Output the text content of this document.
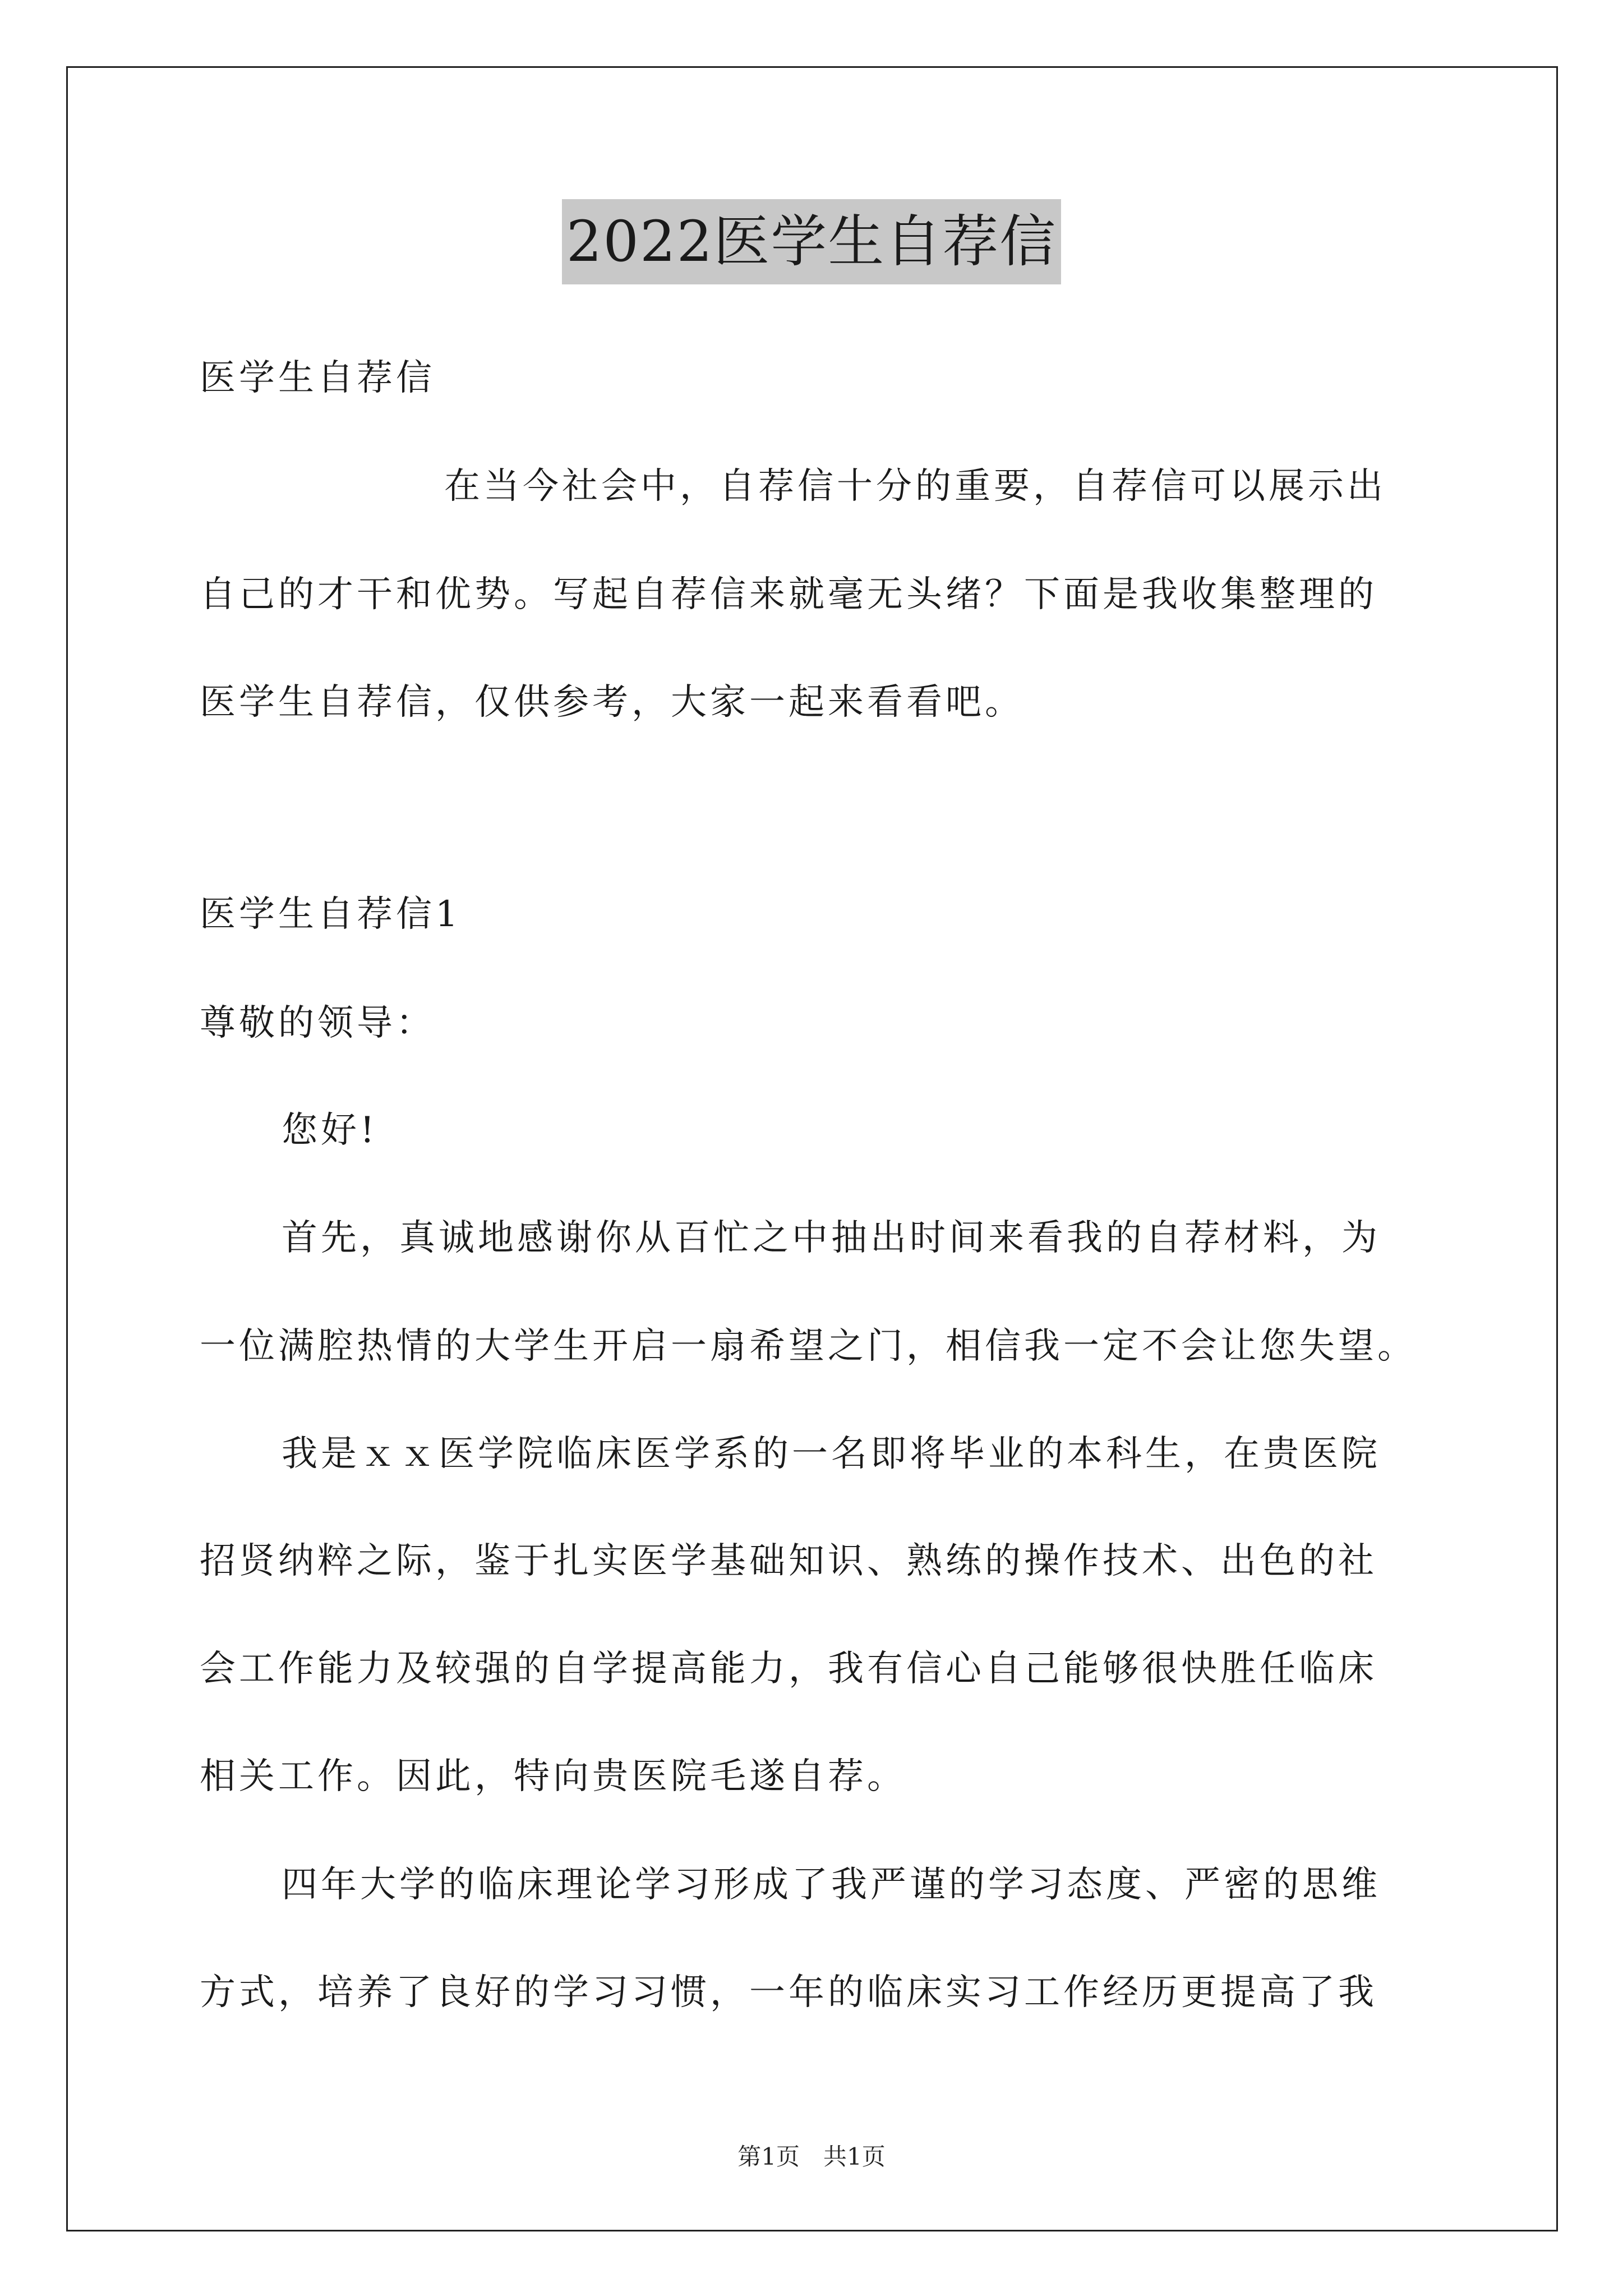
2022医学生自荐信
医学生自荐信
在当今社会中，自荐信十分的重要，自荐信可以展示出
自己的才干和优势。写起自荐信来就毫无头绪？下面是我收集整理的
医学生自荐信，仅供参考，大家一起来看看吧。
医学生自荐信1
尊敬的领导：
您好!
首先，真诚地感谢你从百忙之中抽出时间来看我的自荐材料，为
一位满腔热情的大学生开启一扇希望之门，相信我一定不会让您失望。
我是ｘｘ医学院临床医学系的一名即将毕业的本科生，在贵医院
招贤纳粹之际，鉴于扎实医学基础知识、熟练的操作技术、出色的社
会工作能力及较强的自学提高能力，我有信心自己能够很快胜任临床
相关工作。因此，特向贵医院毛遂自荐。
四年大学的临床理论学习形成了我严谨的学习态度、严密的思维
方式，培养了良好的学习习惯，一年的临床实习工作经历更提高了我
第1页　共1页
